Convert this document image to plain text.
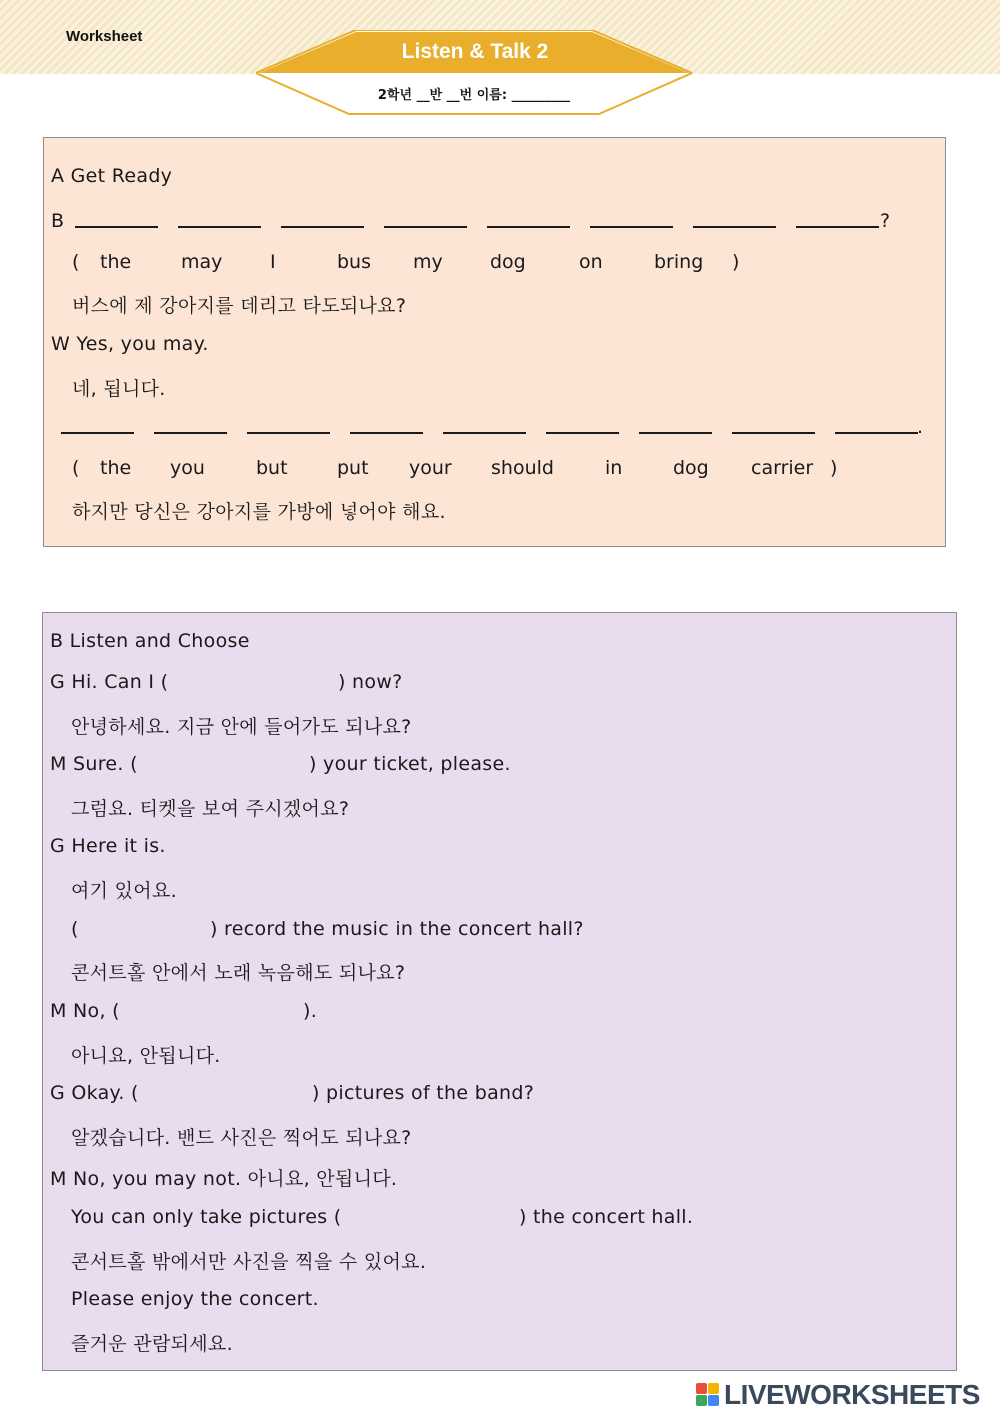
Worksheet
Listen & Talk 2
2학년 __반 __번 이름: _________
A Get Ready
B	?
( the	may	I	bus my dog	on	bring )
버스에 제 강아지를 데리고 타도되나요?
W Yes, you may.
네, 됩니다.
.
( the you	but	put your should	in	dog carrier )
하지만 당신은 강아지를 가방에 넣어야 해요.
B Listen and Choose
G Hi. Can I (	) now?
안녕하세요. 지금 안에 들어가도 되나요?
M Sure. (	) your ticket, please.
그럼요. 티켓을 보여 주시겠어요?
G Here it is.
여기 있어요.
(	) record the music in the concert hall?
콘서트홀 안에서 노래 녹음해도 되나요?
M No, (	).
아니요, 안됩니다.
G Okay. (	) pictures of the band?
알겠습니다. 밴드 사진은 찍어도 되나요?
M No, you may not. 아니요, 안됩니다.
You can only take pictures (	) the concert hall.
콘서트홀 밖에서만 사진을 찍을 수 있어요.
Please enjoy the concert.
즐거운 관람되세요.
LIVEWORKSHEETS
